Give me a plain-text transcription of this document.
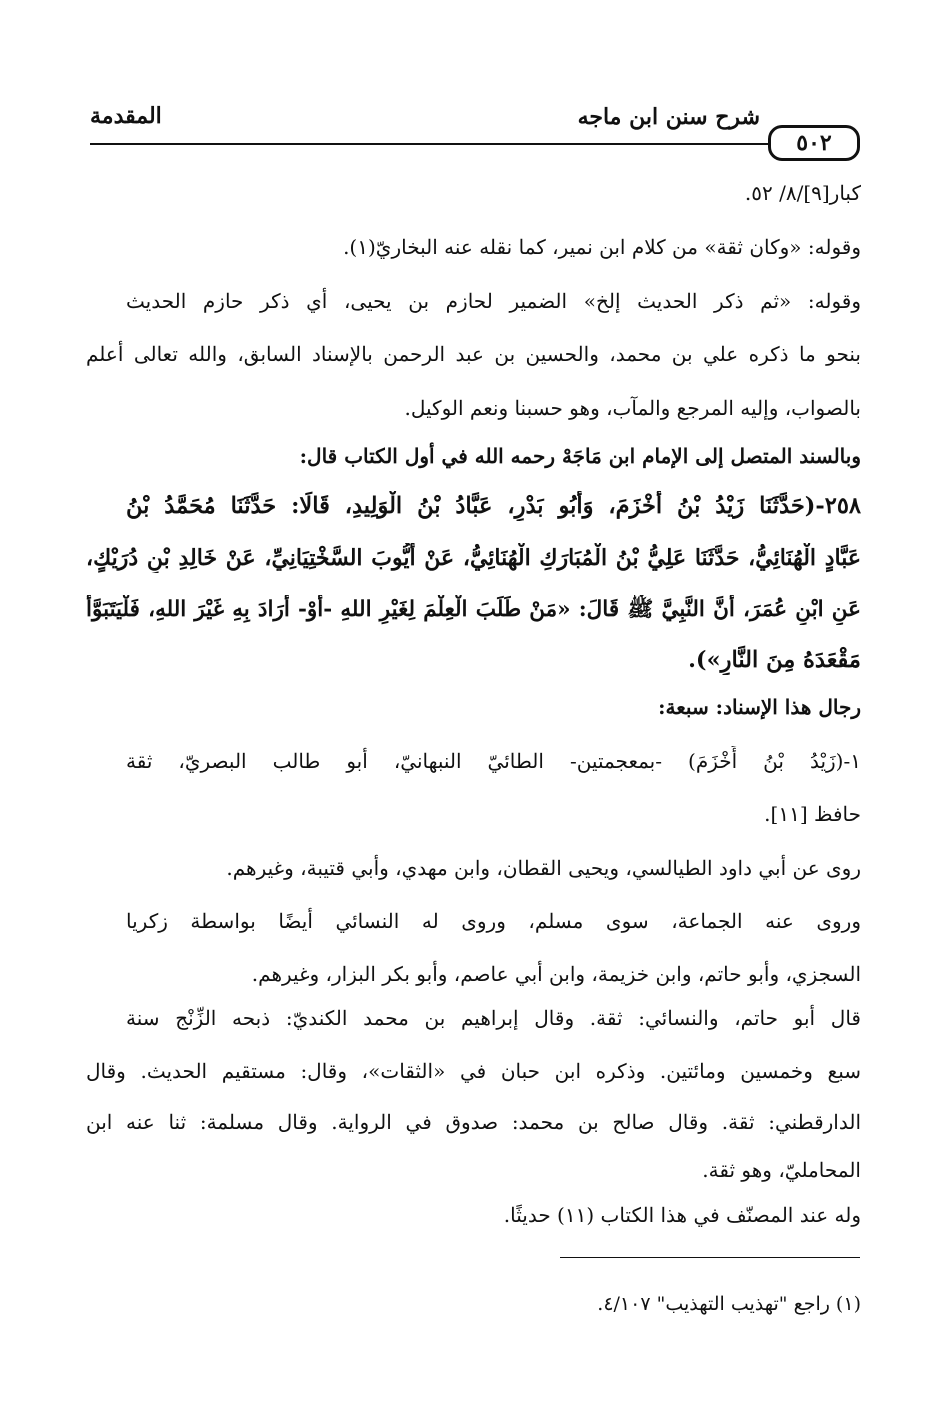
المقدمة	شرح سنن ابن ماجه
٥٠٢
كبار[٩]/٨/ ٥٢.
وقوله: «وكان ثقة» من كلام ابن نمير، كما نقله عنه البخاريّ(١).
وقوله: «ثم ذكر الحديث إلخ» الضمير لحازم بن يحيى، أي ذكر حازم الحديث
بنحو ما ذكره علي بن محمد، والحسين بن عبد الرحمن بالإسناد السابق، والله تعالى أعلم
بالصواب، وإليه المرجع والمآب، وهو حسبنا ونعم الوكيل.
وبالسند المتصل إلى الإمام ابن مَاجَهْ رحمه الله في أول الكتاب قال:
٢٥٨-(حَدَّثَنَا زَيْدُ بْنُ أَخْزَمَ، وَأَبُو بَدْرٍ، عَبَّادُ بْنُ الْوَلِيدِ، قَالَا: حَدَّثَنَا مُحَمَّدُ بْنُ
عَبَّادٍ الْهُنَائِيُّ، حَدَّثَنَا عَلِيُّ بْنُ الْمُبَارَكِ الْهُنَائِيُّ، عَنْ أَيُّوبَ السَّخْتِيَانِيِّ، عَنْ خَالِدِ بْنِ دُرَيْكٍ،
عَنِ ابْنِ عُمَرَ، أَنَّ النَّبِيَّ ﷺ قَالَ: «مَنْ طَلَبَ الْعِلْمَ لِغَيْرِ اللهِ -أَوْ- أَرَادَ بِهِ غَيْرَ اللهِ، فَلْيَتَبَوَّأْ
مَقْعَدَهُ مِنَ النَّارِ»).
رجال هذا الإسناد: سبعة:
١-(زَيْدُ بْنُ أَخْزَمَ) -بمعجمتين- الطائيّ النبهانيّ، أبو طالب البصريّ، ثقة
حافظ [١١].
روى عن أبي داود الطيالسي، ويحيى القطان، وابن مهدي، وأبي قتيبة، وغيرهم.
وروى عنه الجماعة، سوى مسلم، وروى له النسائي أيضًا بواسطة زكريا
السجزي، وأبو حاتم، وابن خزيمة، وابن أبي عاصم، وأبو بكر البزار، وغيرهم.
قال أبو حاتم، والنسائي: ثقة. وقال إبراهيم بن محمد الكنديّ: ذبحه الزِّنْج سنة
سبع وخمسين ومائتين. وذكره ابن حبان في «الثقات»، وقال: مستقيم الحديث. وقال
الدارقطني: ثقة. وقال صالح بن محمد: صدوق في الرواية. وقال مسلمة: ثنا عنه ابن
المحامليّ، وهو ثقة.
وله عند المصنّف في هذا الكتاب (١١) حديثًا.
(١) راجع "تهذيب التهذيب" ٤/١٠٧.
